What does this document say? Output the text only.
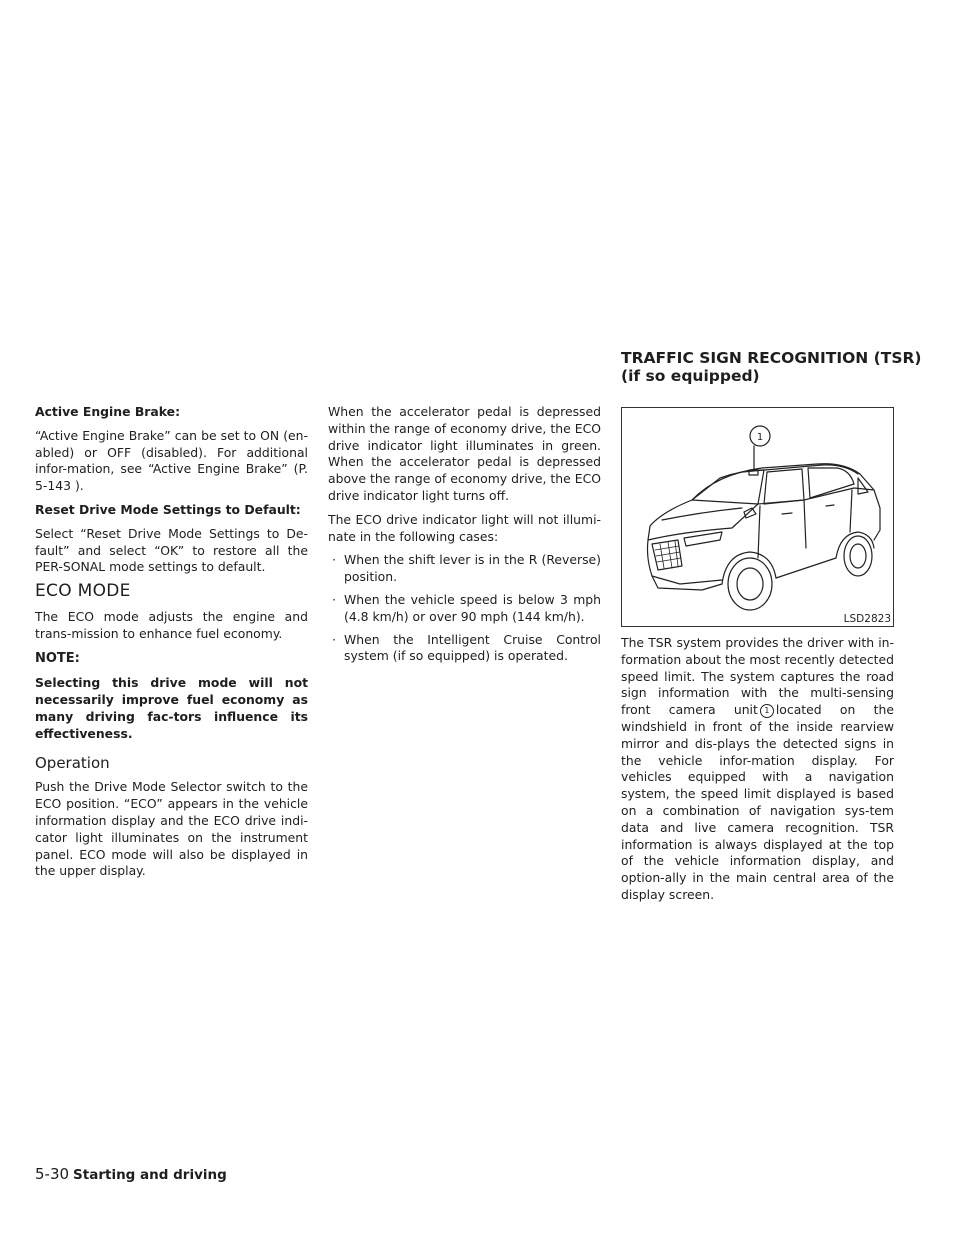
Active Engine Brake:

“Active Engine Brake” can be set to ON (en-abled) or OFF (disabled). For additional infor-mation, see “Active Engine Brake” (P. 5-143 ).

Reset Drive Mode Settings to Default:

Select “Reset Drive Mode Settings to De-fault” and select “OK” to restore all the PER-SONAL mode settings to default.

ECO MODE

The ECO mode adjusts the engine and trans-mission to enhance fuel economy.

NOTE:
Selecting this drive mode will not necessarily improve fuel economy as many driving fac-tors influence its effectiveness.
Operation

Push the Drive Mode Selector switch to the ECO position. “ECO” appears in the vehicle information display and the ECO drive indi-cator light illuminates on the instrument panel. ECO mode will also be displayed in the upper display.

When the accelerator pedal is depressed within the range of economy drive, the ECO drive indicator light illuminates in green. When the accelerator pedal is depressed above the range of economy drive, the ECO drive indicator light turns off.

The ECO drive indicator light will not illumi-nate in the following cases:

· When the shift lever is in the R (Reverse) position.
· When the vehicle speed is below 3 mph (4.8 km/h) or over 90 mph (144 km/h).
· When the Intelligent Cruise Control system (if so equipped) is operated.
TRAFFIC SIGN RECOGNITION (TSR)
(if so equipped)
1
LSD2823

The TSR system provides the driver with in-formation about the most recently detected speed limit. The system captures the road sign information with the multi-sensing front camera unit 1 located on the windshield in front of the inside rearview mirror and dis-plays the detected signs in the vehicle infor-mation display. For vehicles equipped with a navigation system, the speed limit displayed is based on a combination of navigation sys-tem data and live camera recognition. TSR information is always displayed at the top of the vehicle information display, and option-ally in the main central area of the display screen.

5-30 Starting and driving
